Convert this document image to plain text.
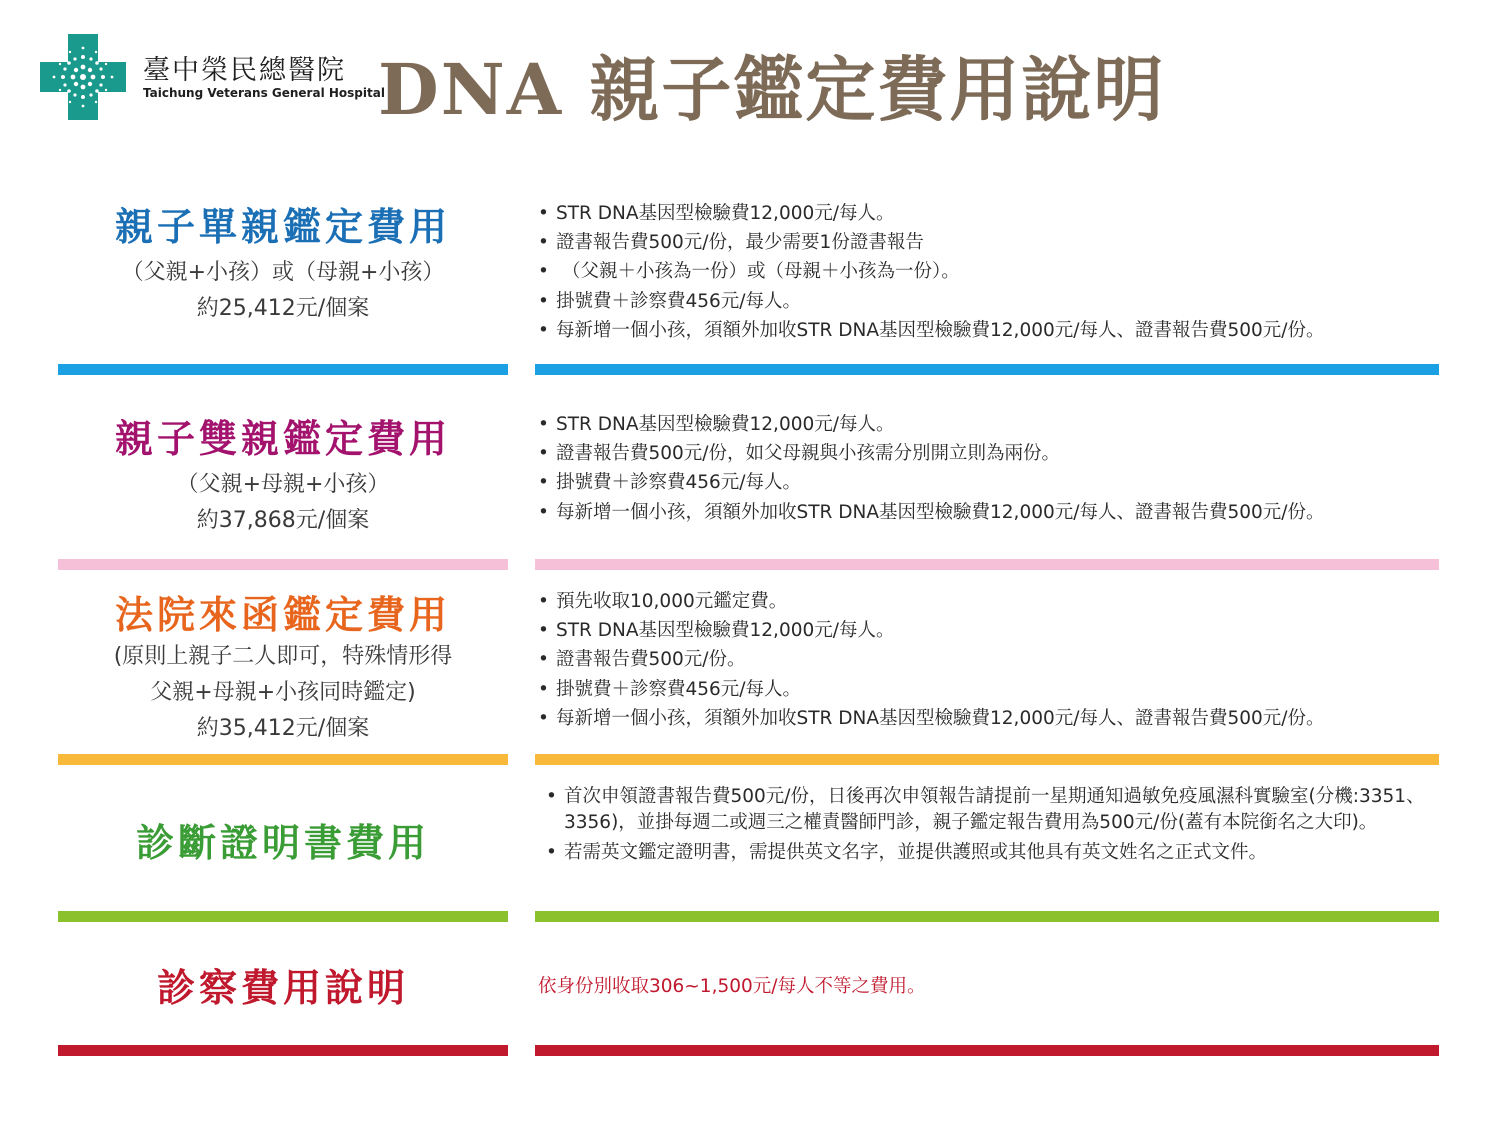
臺中榮民總醫院
Taichung Veterans General Hospital
DNA 親子鑑定費用說明
親子單親鑑定費用
（父親+小孩）或（母親+小孩）
約25,412元/個案
• STR DNA基因型檢驗費12,000元/每人。
• 證書報告費500元/份，最少需要1份證書報告
• （父親＋小孩為一份）或（母親＋小孩為一份）。
• 掛號費＋診察費456元/每人。
• 每新增一個小孩，須額外加收STR DNA基因型檢驗費12,000元/每人、證書報告費500元/份。
親子雙親鑑定費用
（父親+母親+小孩）
約37,868元/個案
• STR DNA基因型檢驗費12,000元/每人。
• 證書報告費500元/份，如父母親與小孩需分別開立則為兩份。
• 掛號費＋診察費456元/每人。
• 每新增一個小孩，須額外加收STR DNA基因型檢驗費12,000元/每人、證書報告費500元/份。
法院來函鑑定費用
(原則上親子二人即可，特殊情形得
父親+母親+小孩同時鑑定)
約35,412元/個案
• 預先收取10,000元鑑定費。
• STR DNA基因型檢驗費12,000元/每人。
• 證書報告費500元/份。
• 掛號費＋診察費456元/每人。
• 每新增一個小孩，須額外加收STR DNA基因型檢驗費12,000元/每人、證書報告費500元/份。
診斷證明書費用
• 首次申領證書報告費500元/份，日後再次申領報告請提前一星期通知過敏免疫風濕科實驗室(分機:3351、3356)，並掛每週二或週三之權責醫師門診，親子鑑定報告費用為500元/份(蓋有本院銜名之大印)。
• 若需英文鑑定證明書，需提供英文名字，並提供護照或其他具有英文姓名之正式文件。
診察費用說明	依身份別收取306~1,500元/每人不等之費用。
